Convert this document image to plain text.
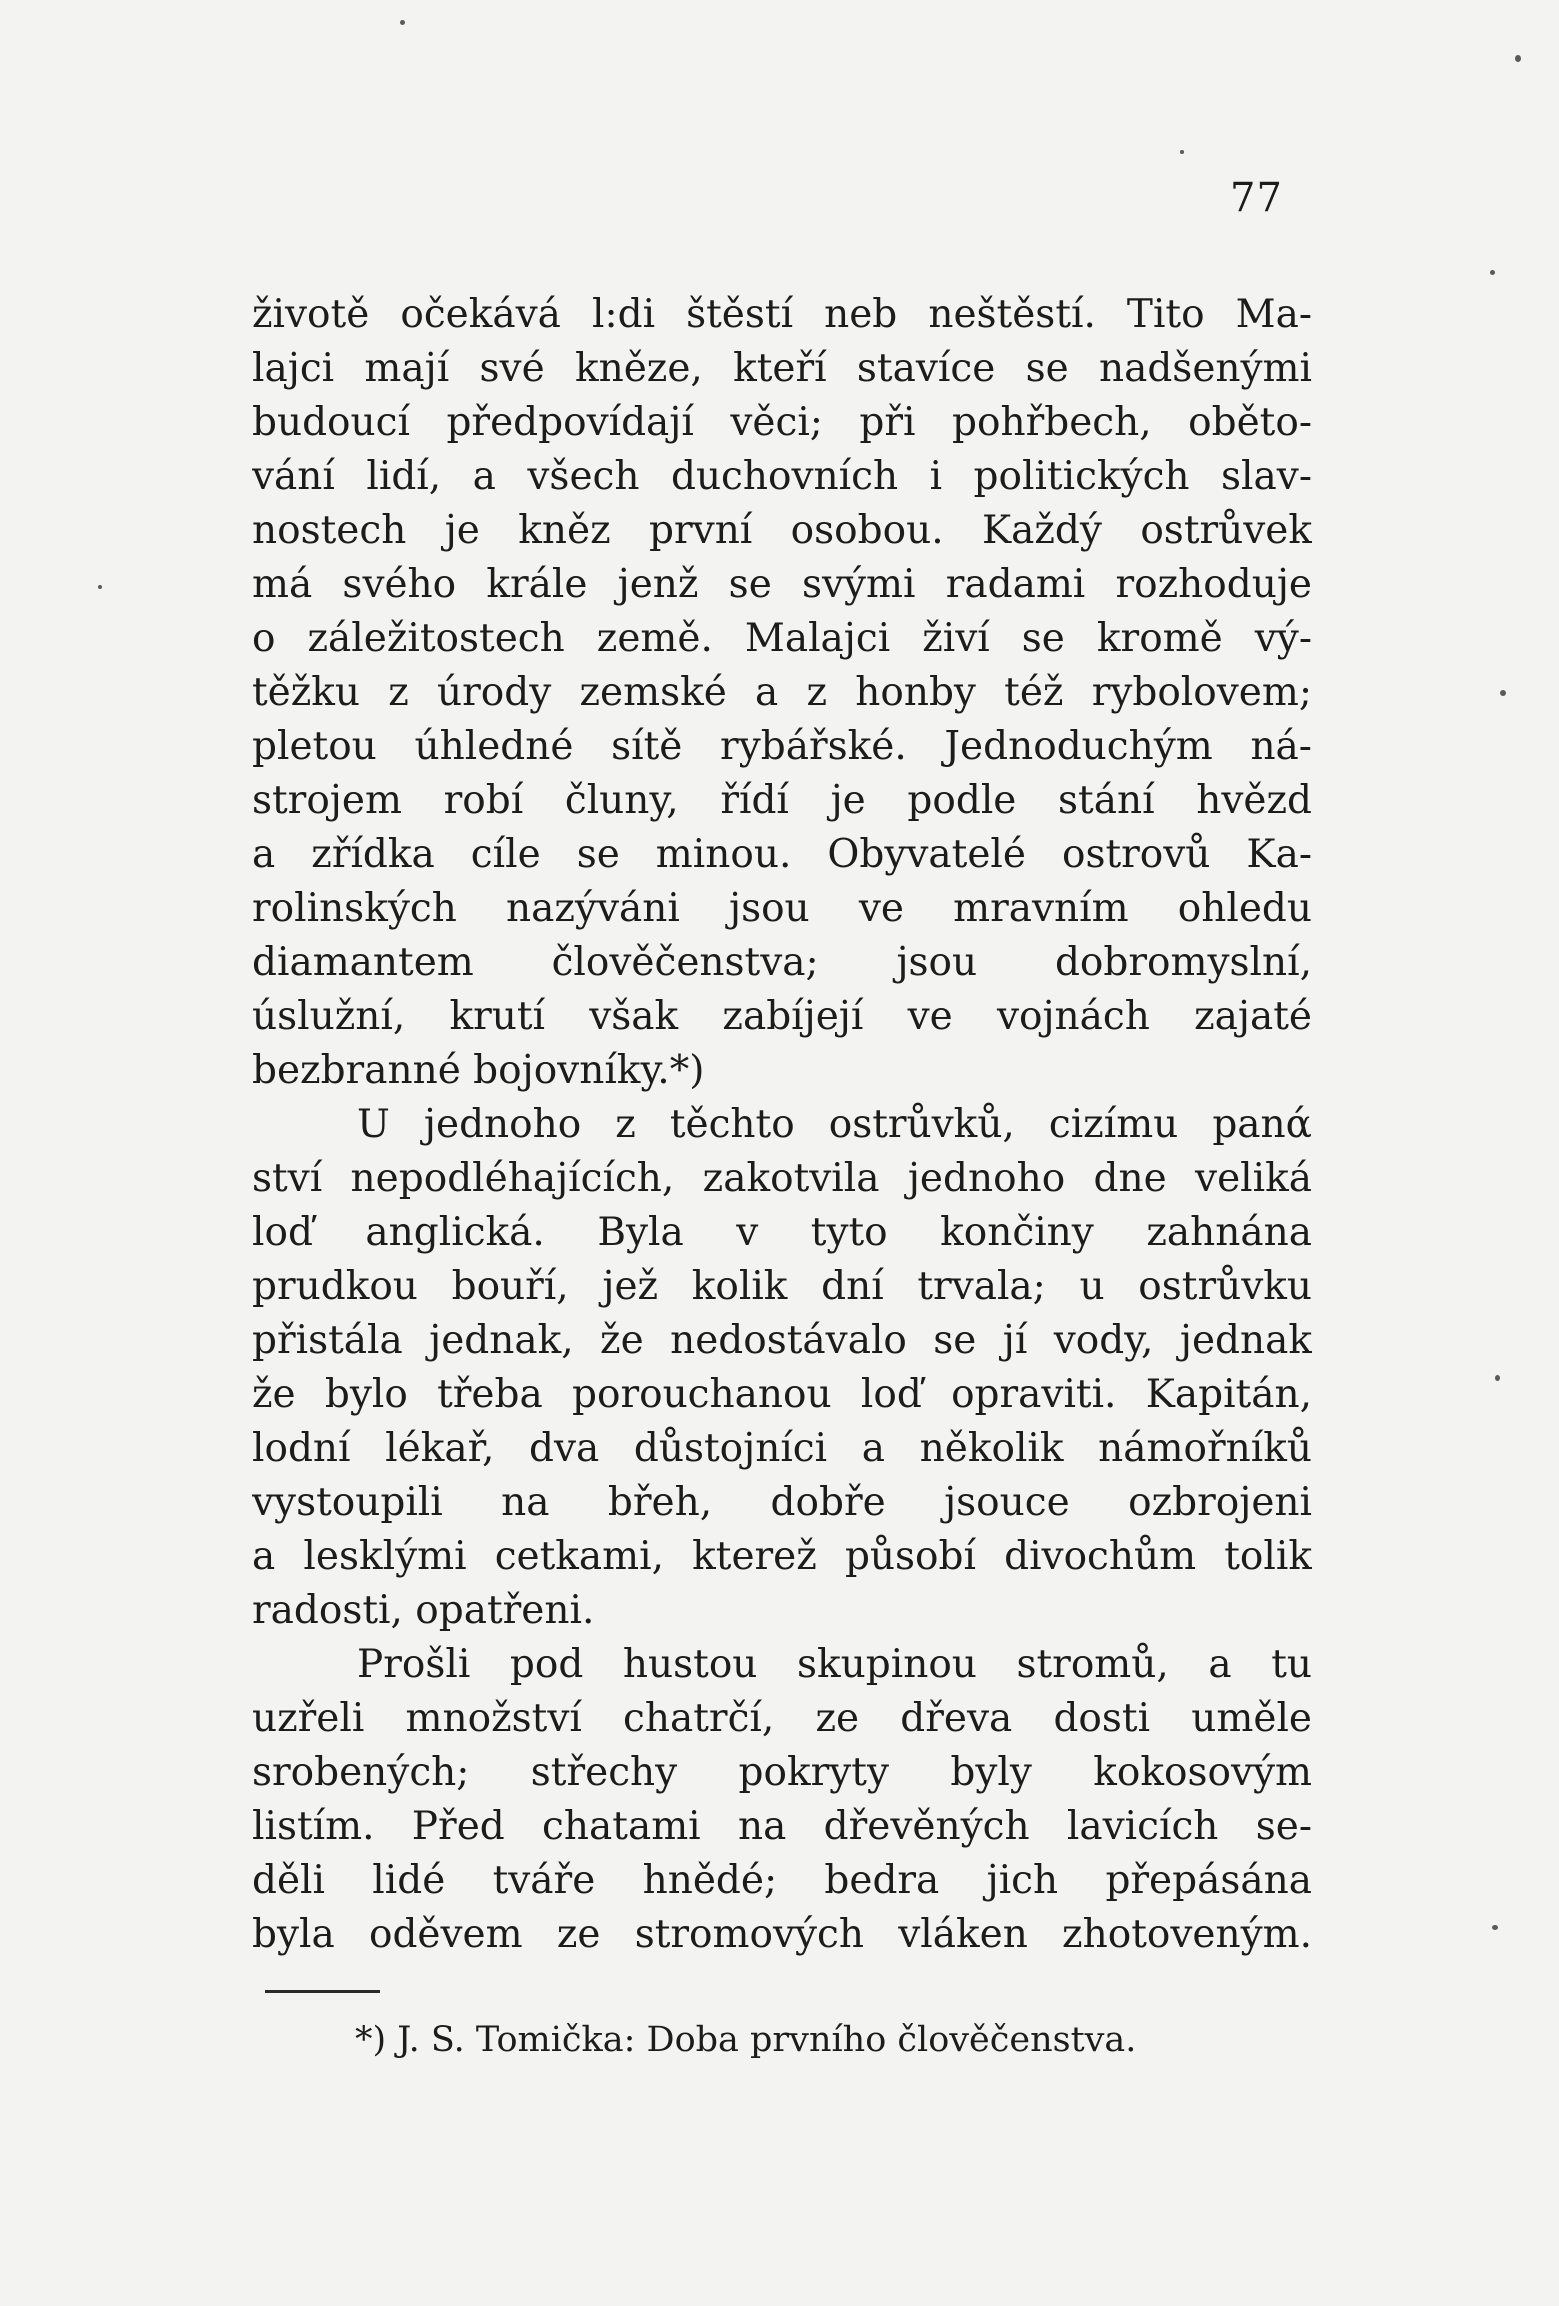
77
životě očekává l:di štěstí neb neštěstí. Tito Ma-
lajci mají své kněze, kteří stavíce se nadšenými
budoucí předpovídají věci; při pohřbech, oběto-
vání lidí, a všech duchovních i politických slav-
nostech je kněz první osobou. Každý ostrůvek
má svého krále jenž se svými radami rozhoduje
o záležitostech země. Malajci živí se kromě vý-
těžku z úrody zemské a z honby též rybolovem;
pletou úhledné sítě rybářské. Jednoduchým ná-
strojem robí čluny, řídí je podle stání hvězd
a zřídka cíle se minou. Obyvatelé ostrovů Ka-
rolinských nazýváni jsou ve mravním ohledu
diamantem člověčenstva; jsou dobromyslní,
úslužní, krutí však zabíjejí ve vojnách zajaté
bezbranné bojovníky.*)
U jednoho z těchto ostrůvků, cizímu panά
ství nepodléhajících, zakotvila jednoho dne veliká
loď anglická. Byla v tyto končiny zahnána
prudkou bouří, jež kolik dní trvala; u ostrůvku
přistála jednak, že nedostávalo se jí vody, jednak
že bylo třeba porouchanou loď opraviti. Kapitán,
lodní lékař, dva důstojníci a několik námořníků
vystoupili na břeh, dobře jsouce ozbrojeni
a lesklými cetkami, kterež působí divochům tolik
radosti, opatřeni.
Prošli pod hustou skupinou stromů, a tu
uzřeli množství chatrčí, ze dřeva dosti uměle
srobených; střechy pokryty byly kokosovým
listím. Před chatami na dřevěných lavicích se-
děli lidé tváře hnědé; bedra jich přepásána
byla oděvem ze stromových vláken zhotoveným.
*) J. S. Tomička: Doba prvního člověčenstva.
